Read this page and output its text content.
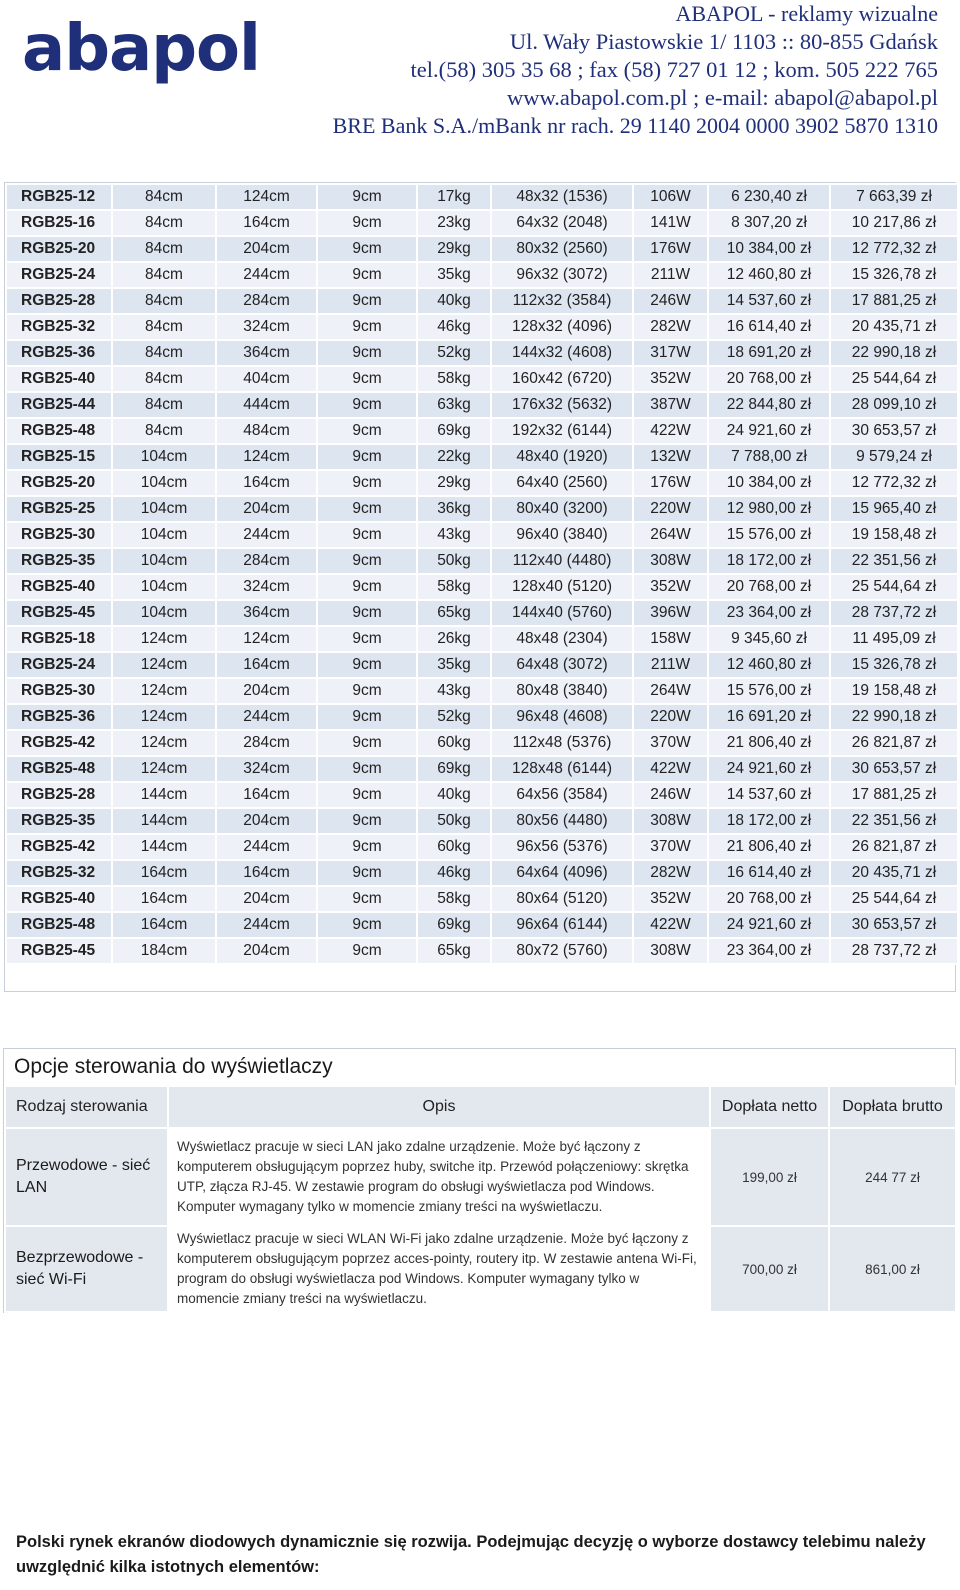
abapol	ABAPOL - reklamy wizualne
Ul. Wały Piastowskie 1/ 1103 :: 80-855 Gdańsk
tel.(58) 305 35 68 ; fax (58) 727 01 12 ; kom. 505 222 765
www.abapol.com.pl ; e-mail: abapol@abapol.pl
BRE Bank S.A./mBank nr rach. 29 1140 2004 0000 3902 5870 1310
RGB25-12	84cm	124cm	9cm	17kg	48x32 (1536)	106W	6 230,40 zł	7 663,39 zł
RGB25-16	84cm	164cm	9cm	23kg	64x32 (2048)	141W	8 307,20 zł	10 217,86 zł
RGB25-20	84cm	204cm	9cm	29kg	80x32 (2560)	176W	10 384,00 zł	12 772,32 zł
RGB25-24	84cm	244cm	9cm	35kg	96x32 (3072)	211W	12 460,80 zł	15 326,78 zł
RGB25-28	84cm	284cm	9cm	40kg	112x32 (3584)	246W	14 537,60 zł	17 881,25 zł
RGB25-32	84cm	324cm	9cm	46kg	128x32 (4096)	282W	16 614,40 zł	20 435,71 zł
RGB25-36	84cm	364cm	9cm	52kg	144x32 (4608)	317W	18 691,20 zł	22 990,18 zł
RGB25-40	84cm	404cm	9cm	58kg	160x42 (6720)	352W	20 768,00 zł	25 544,64 zł
RGB25-44	84cm	444cm	9cm	63kg	176x32 (5632)	387W	22 844,80 zł	28 099,10 zł
RGB25-48	84cm	484cm	9cm	69kg	192x32 (6144)	422W	24 921,60 zł	30 653,57 zł
RGB25-15	104cm	124cm	9cm	22kg	48x40 (1920)	132W	7 788,00 zł	9 579,24 zł
RGB25-20	104cm	164cm	9cm	29kg	64x40 (2560)	176W	10 384,00 zł	12 772,32 zł
RGB25-25	104cm	204cm	9cm	36kg	80x40 (3200)	220W	12 980,00 zł	15 965,40 zł
RGB25-30	104cm	244cm	9cm	43kg	96x40 (3840)	264W	15 576,00 zł	19 158,48 zł
RGB25-35	104cm	284cm	9cm	50kg	112x40 (4480)	308W	18 172,00 zł	22 351,56 zł
RGB25-40	104cm	324cm	9cm	58kg	128x40 (5120)	352W	20 768,00 zł	25 544,64 zł
RGB25-45	104cm	364cm	9cm	65kg	144x40 (5760)	396W	23 364,00 zł	28 737,72 zł
RGB25-18	124cm	124cm	9cm	26kg	48x48 (2304)	158W	9 345,60 zł	11 495,09 zł
RGB25-24	124cm	164cm	9cm	35kg	64x48 (3072)	211W	12 460,80 zł	15 326,78 zł
RGB25-30	124cm	204cm	9cm	43kg	80x48 (3840)	264W	15 576,00 zł	19 158,48 zł
RGB25-36	124cm	244cm	9cm	52kg	96x48 (4608)	220W	16 691,20 zł	22 990,18 zł
RGB25-42	124cm	284cm	9cm	60kg	112x48 (5376)	370W	21 806,40 zł	26 821,87 zł
RGB25-48	124cm	324cm	9cm	69kg	128x48 (6144)	422W	24 921,60 zł	30 653,57 zł
RGB25-28	144cm	164cm	9cm	40kg	64x56 (3584)	246W	14 537,60 zł	17 881,25 zł
RGB25-35	144cm	204cm	9cm	50kg	80x56 (4480)	308W	18 172,00 zł	22 351,56 zł
RGB25-42	144cm	244cm	9cm	60kg	96x56 (5376)	370W	21 806,40 zł	26 821,87 zł
RGB25-32	164cm	164cm	9cm	46kg	64x64 (4096)	282W	16 614,40 zł	20 435,71 zł
RGB25-40	164cm	204cm	9cm	58kg	80x64 (5120)	352W	20 768,00 zł	25 544,64 zł
RGB25-48	164cm	244cm	9cm	69kg	96x64 (6144)	422W	24 921,60 zł	30 653,57 zł
RGB25-45	184cm	204cm	9cm	65kg	80x72 (5760)	308W	23 364,00 zł	28 737,72 zł
Opcje sterowania do wyświetlaczy
Rodzaj sterowania	Opis	Dopłata netto	Dopłata brutto
Przewodowe - sieć LAN	Wyświetlacz pracuje w sieci LAN jako zdalne urządzenie. Może być łączony z komputerem obsługującym poprzez huby, switche itp. Przewód połączeniowy: skrętka UTP, złącza RJ-45. W zestawie program do obsługi wyświetlacza pod Windows. Komputer wymagany tylko w momencie zmiany treści na wyświetlaczu.	199,00 zł	244 77 zł
Bezprzewodowe - sieć Wi-Fi	Wyświetlacz pracuje w sieci WLAN Wi-Fi jako zdalne urządzenie. Może być łączony z komputerem obsługującym poprzez acces-pointy, routery itp. W zestawie antena Wi-Fi, program do obsługi wyświetlacza pod Windows. Komputer wymagany tylko w momencie zmiany treści na wyświetlaczu.	700,00 zł	861,00 zł
Polski rynek ekranów diodowych dynamicznie się rozwija. Podejmując decyzję o wyborze dostawcy telebimu należy uwzględnić kilka istotnych elementów:
